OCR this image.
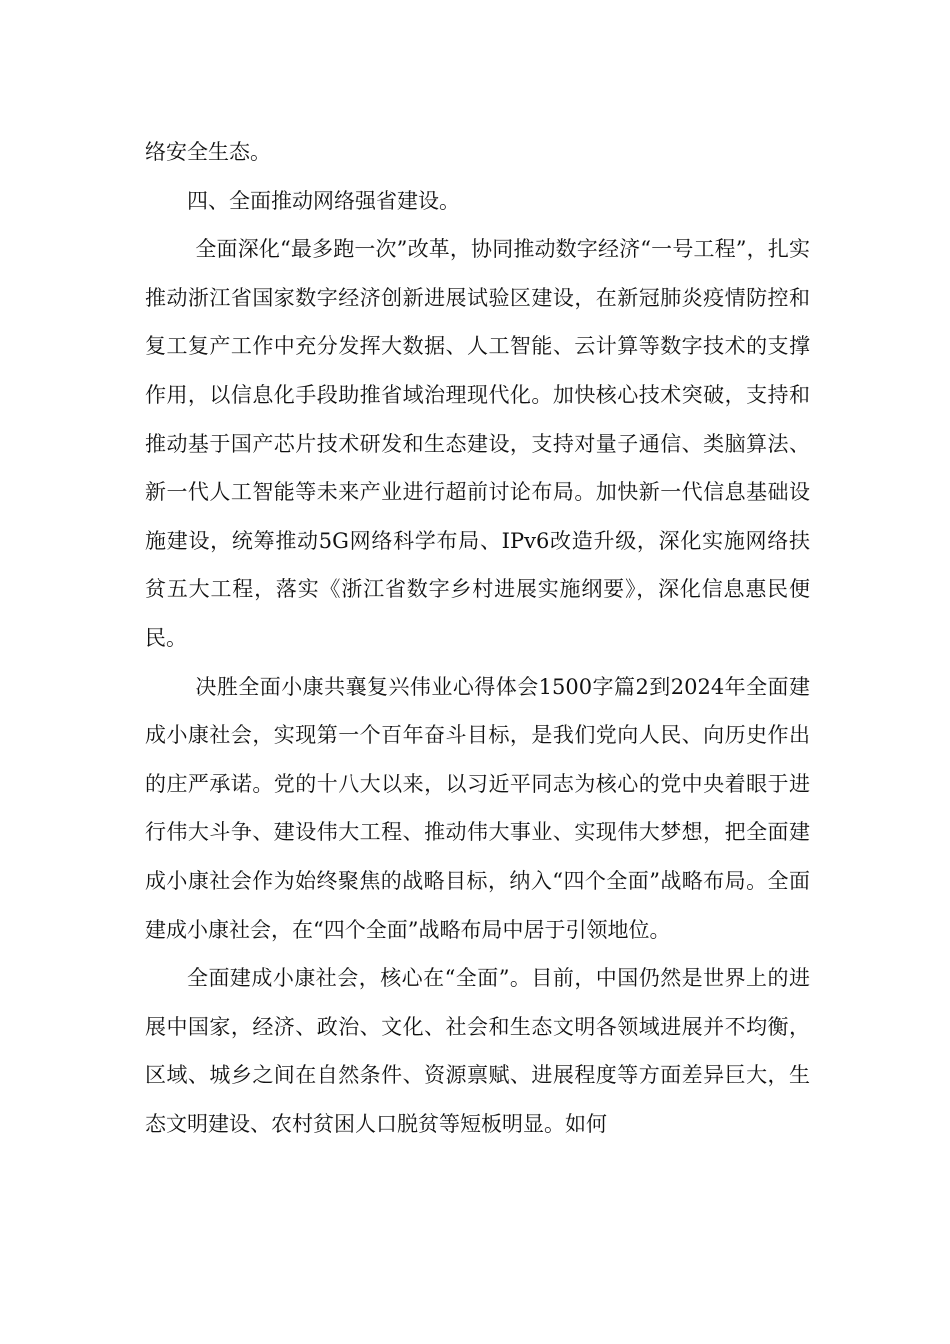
络安全生态。

四、全面推动网络强省建设。

全面深化“最多跑一次”改革，协同推动数字经济“一号工程”，扎实推动浙江省国家数字经济创新进展试验区建设，在新冠肺炎疫情防控和复工复产工作中充分发挥大数据、人工智能、云计算等数字技术的支撑作用，以信息化手段助推省域治理现代化。加快核心技术突破，支持和推动基于国产芯片技术研发和生态建设，支持对量子通信、类脑算法、新一代人工智能等未来产业进行超前讨论布局。加快新一代信息基础设施建设，统筹推动5G网络科学布局、IPv6改造升级，深化实施网络扶贫五大工程，落实《浙江省数字乡村进展实施纲要》，深化信息惠民便民。

决胜全面小康共襄复兴伟业心得体会1500字篇2到2024年全面建成小康社会，实现第一个百年奋斗目标，是我们党向人民、向历史作出的庄严承诺。党的十八大以来，以习近平同志为核心的党中央着眼于进行伟大斗争、建设伟大工程、推动伟大事业、实现伟大梦想，把全面建成小康社会作为始终聚焦的战略目标，纳入“四个全面”战略布局。全面建成小康社会，在“四个全面”战略布局中居于引领地位。

全面建成小康社会，核心在“全面”。目前，中国仍然是世界上的进展中国家，经济、政治、文化、社会和生态文明各领域进展并不均衡，区域、城乡之间在自然条件、资源禀赋、进展程度等方面差异巨大，生态文明建设、农村贫困人口脱贫等短板明显。如何
